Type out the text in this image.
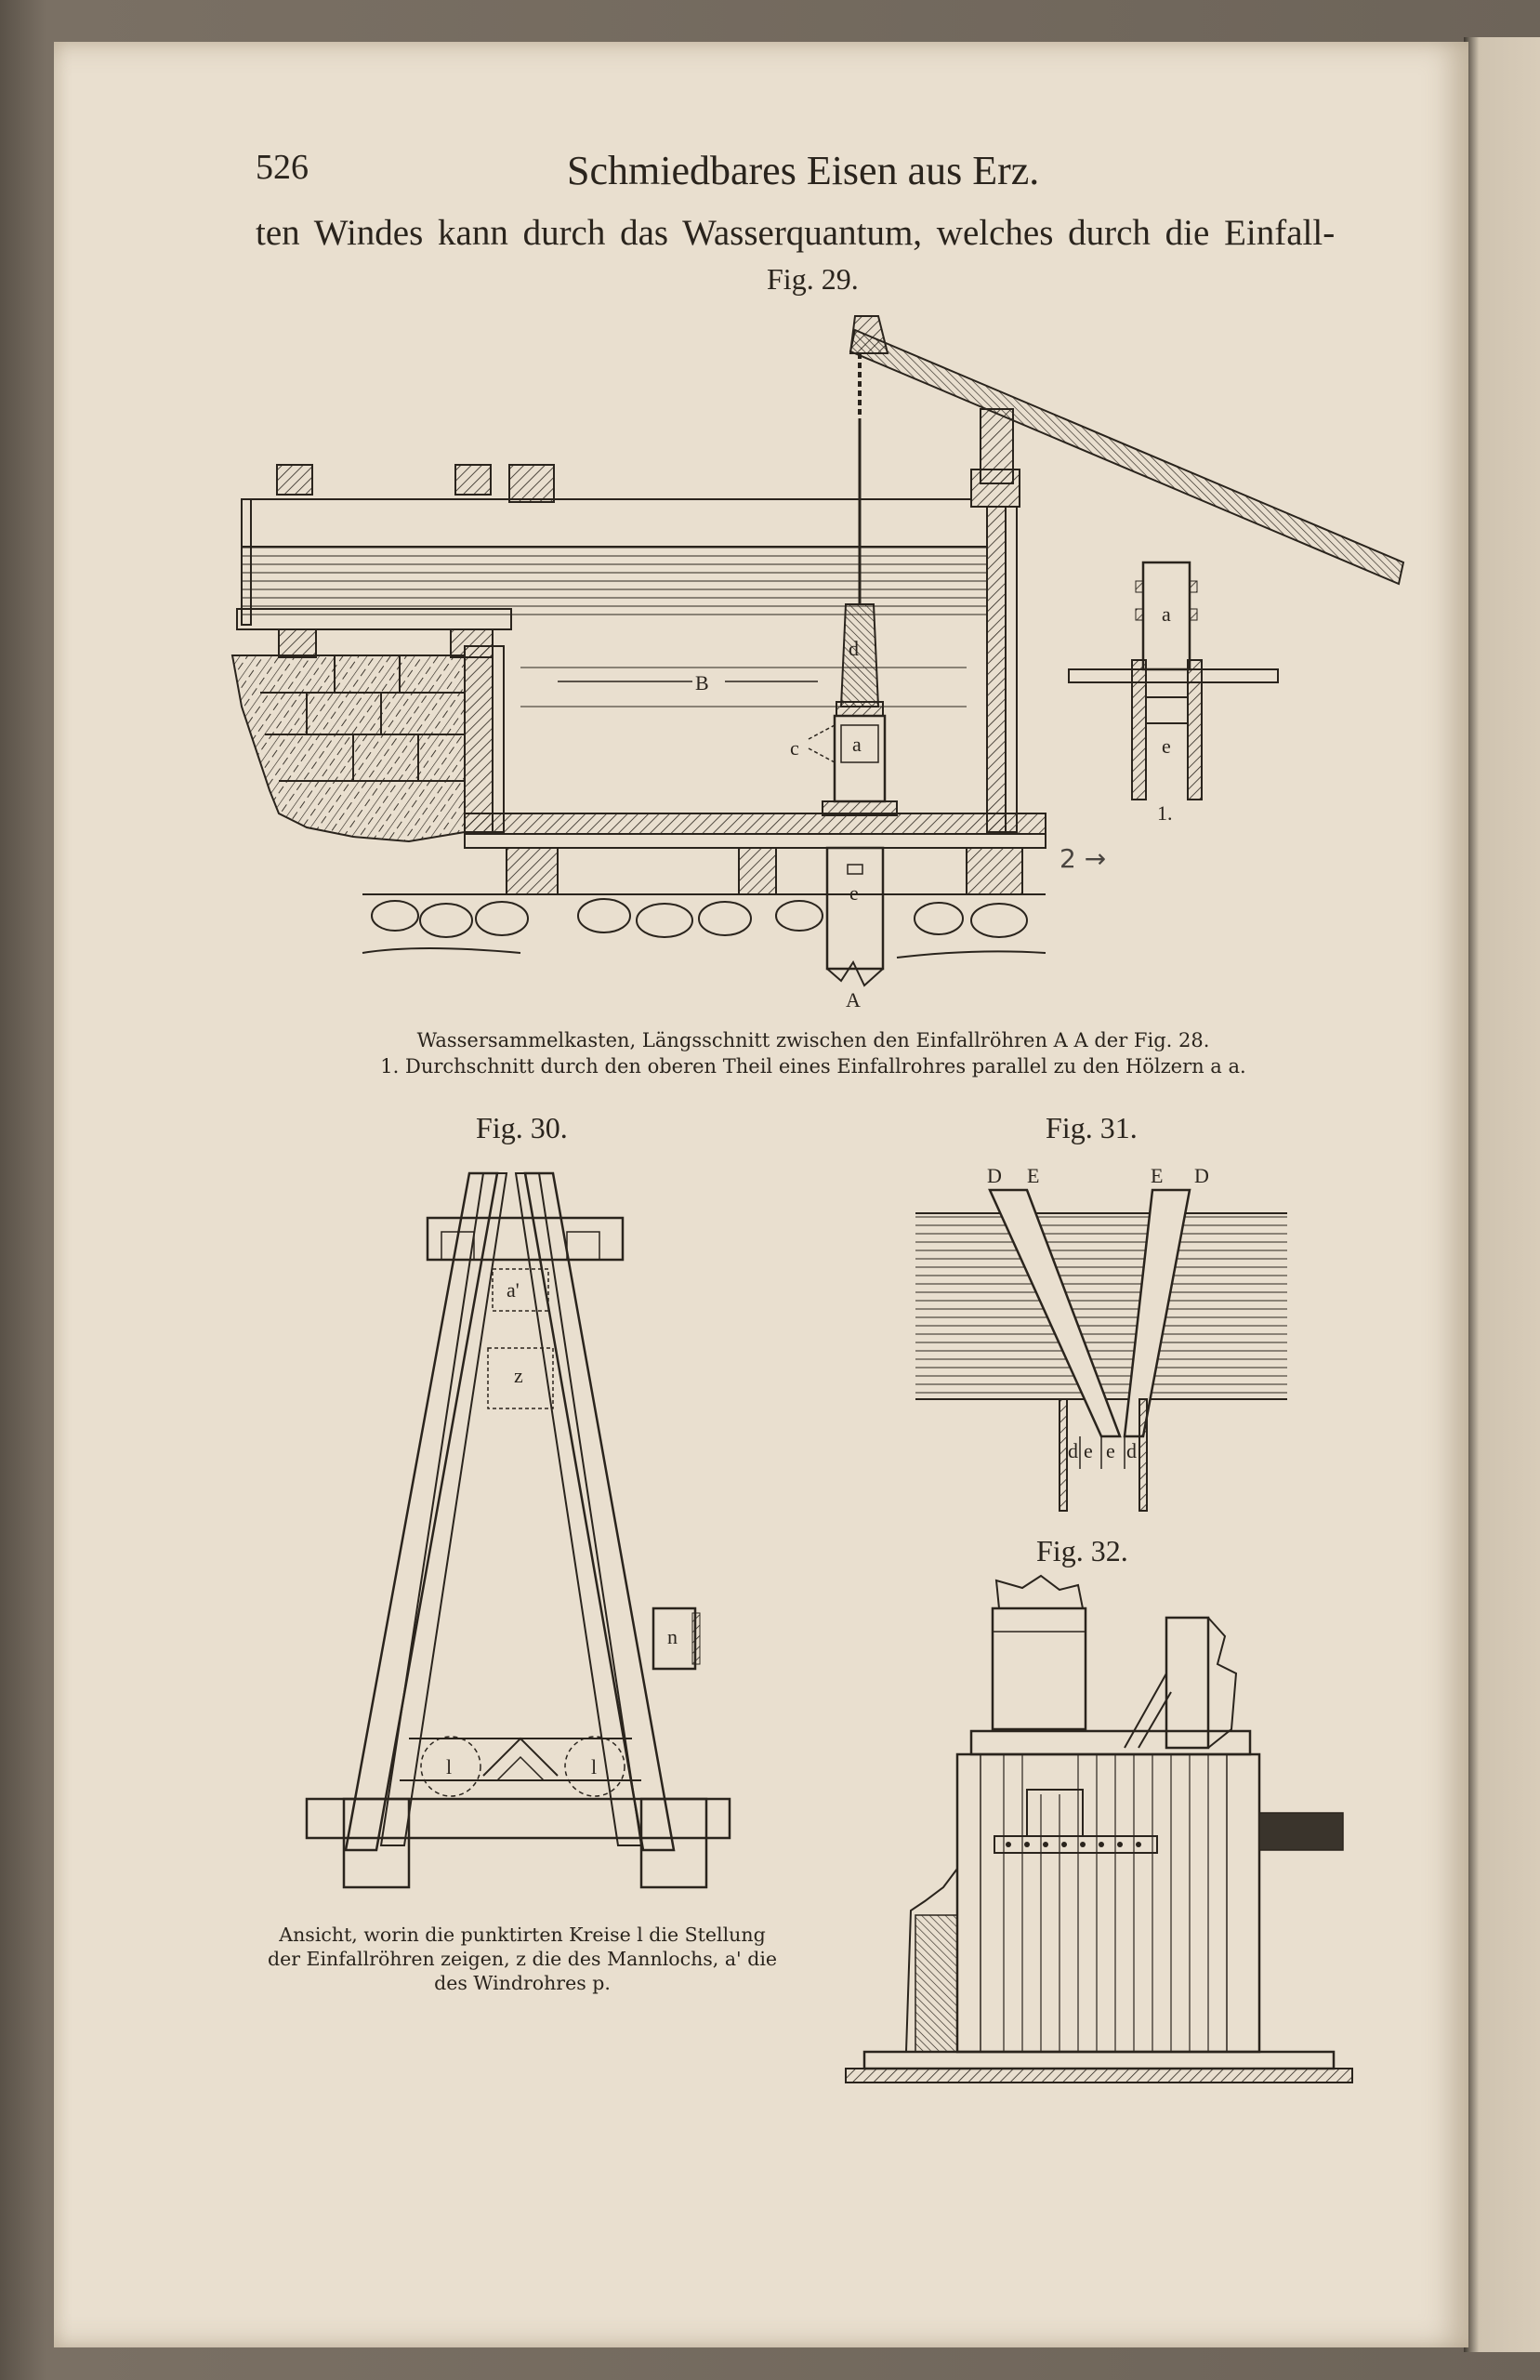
526	Schmiedbares Eisen aus Erz.
ten Windes kann durch das Wasserquantum, welches durch die Einfall-
Fig. 29.
B
d
c	a
e
A
a
e
1.
2 →
Wassersammelkasten, Längsschnitt zwischen den Einfallröhren A A der Fig. 28.
1. Durchschnitt durch den oberen Theil eines Einfallrohres parallel zu den Hölzern a a.
Fig. 30.
a'
z
n
l	l
Ansicht, worin die punktirten Kreise l die Stellung der Einfallröhren zeigen, z die des Mannlochs, a' die des Windrohres p.
Fig. 31.
D E	E D
d e e d
Fig. 32.
